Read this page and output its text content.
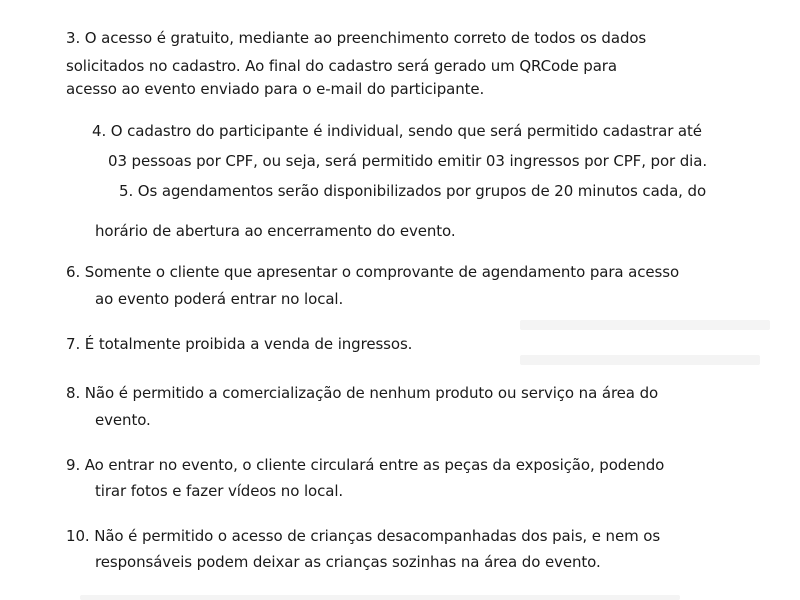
3. O acesso é gratuito, mediante ao preenchimento correto de todos os dados
solicitados no cadastro. Ao final do cadastro será gerado um QRCode para
acesso ao evento enviado para o e-mail do participante.
4. O cadastro do participante é individual, sendo que será permitido cadastrar até
03 pessoas por CPF, ou seja, será permitido emitir 03 ingressos por CPF, por dia.
5. Os agendamentos serão disponibilizados por grupos de 20 minutos cada, do
horário de abertura ao encerramento do evento.
6. Somente o cliente que apresentar o comprovante de agendamento para acesso
ao evento poderá entrar no local.
7. É totalmente proibida a venda de ingressos.
8. Não é permitido a comercialização de nenhum produto ou serviço na área do
evento.
9. Ao entrar no evento, o cliente circulará entre as peças da exposição, podendo
tirar fotos e fazer vídeos no local.
10. Não é permitido o acesso de crianças desacompanhadas dos pais, e nem os
responsáveis podem deixar as crianças sozinhas na área do evento.
